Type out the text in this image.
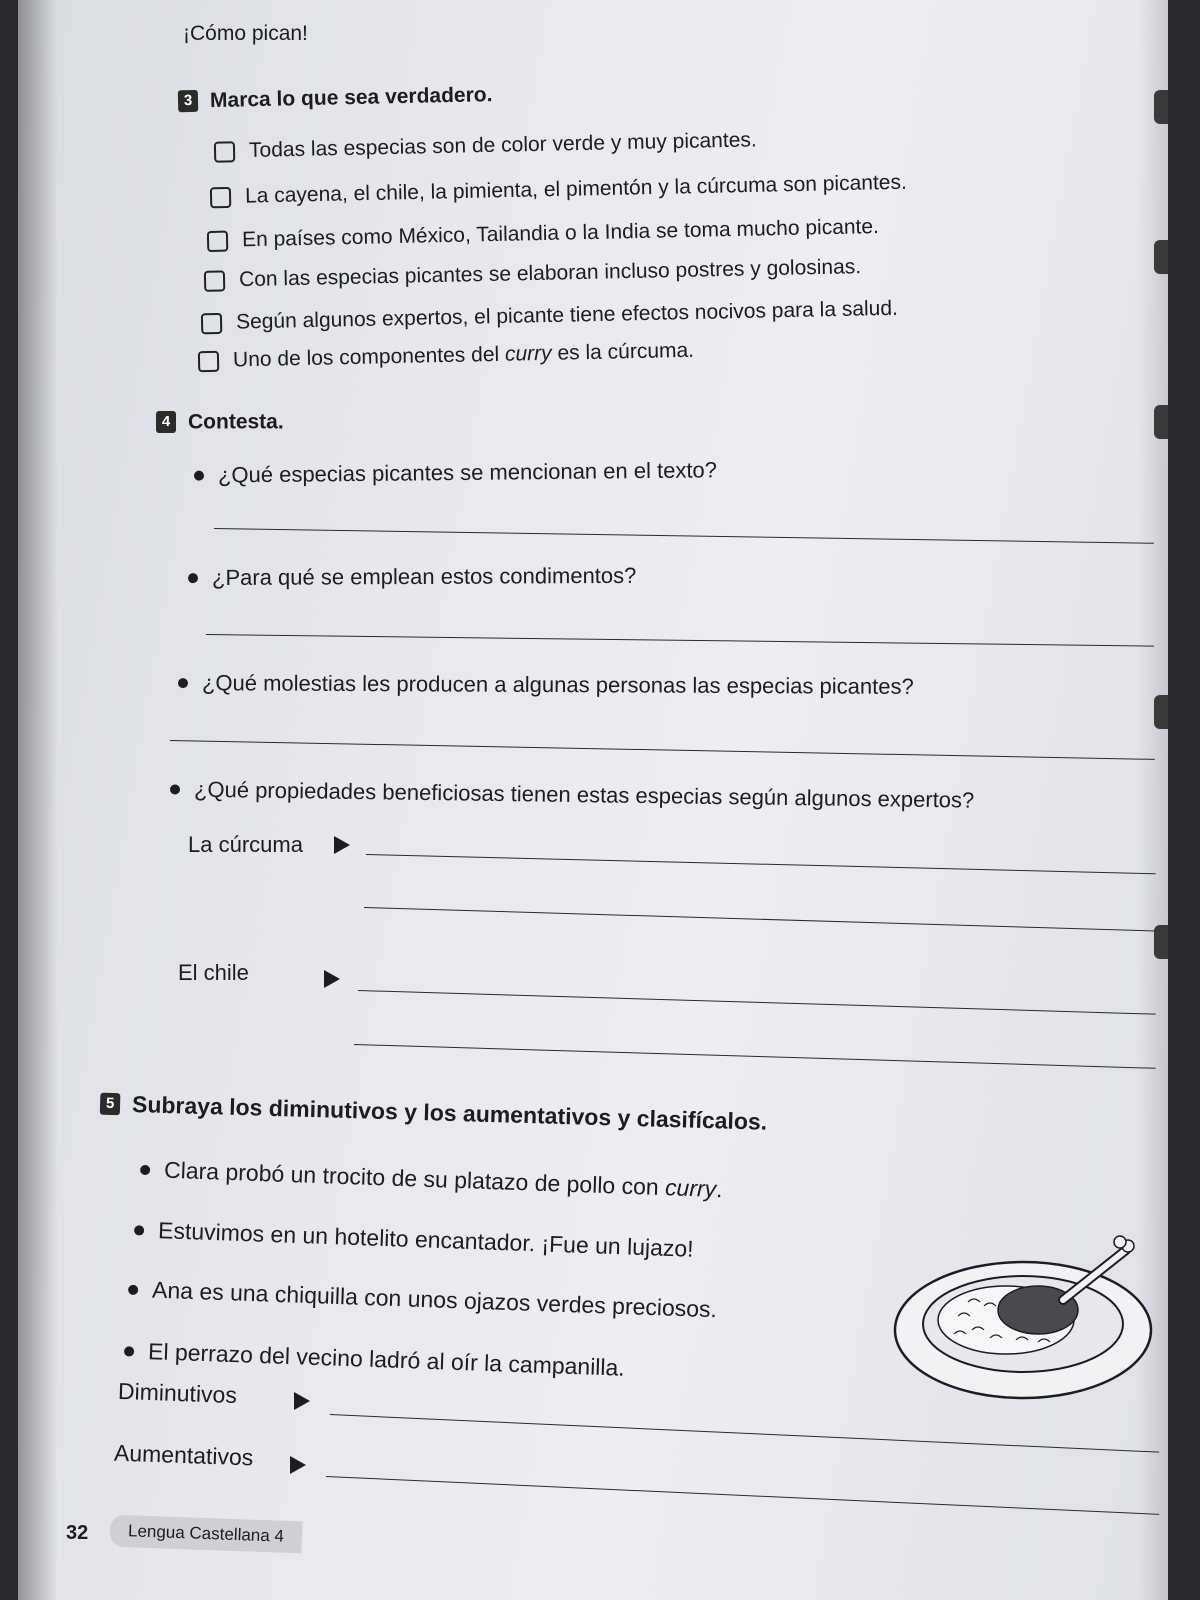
¡Cómo pican!
3 Marca lo que sea verdadero.
Todas las especias son de color verde y muy picantes.
La cayena, el chile, la pimienta, el pimentón y la cúrcuma son picantes.
En países como México, Tailandia o la India se toma mucho picante.
Con las especias picantes se elaboran incluso postres y golosinas.
Según algunos expertos, el picante tiene efectos nocivos para la salud.
Uno de los componentes del curry es la cúrcuma.
4 Contesta.
¿Qué especias picantes se mencionan en el texto?
¿Para qué se emplean estos condimentos?
¿Qué molestias les producen a algunas personas las especias picantes?
¿Qué propiedades beneficiosas tienen estas especias según algunos expertos?
La cúrcuma
El chile
5 Subraya los diminutivos y los aumentativos y clasifícalos.
Clara probó un trocito de su platazo de pollo con curry.
Estuvimos en un hotelito encantador. ¡Fue un lujazo!
Ana es una chiquilla con unos ojazos verdes preciosos.
El perrazo del vecino ladró al oír la campanilla.
Diminutivos
Aumentativos
32	Lengua Castellana 4
